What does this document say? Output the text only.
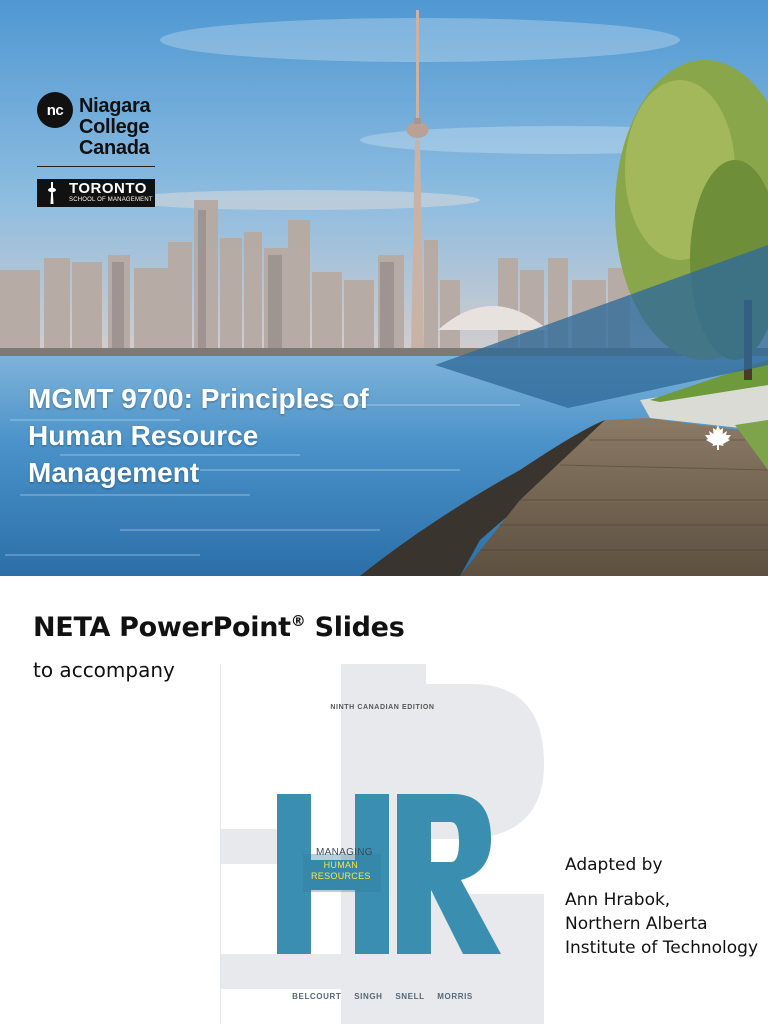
nc Niagara
College
Canada
TORONTO
SCHOOL OF MANAGEMENT
MGMT 9700: Principles of
Human Resource
Management
NETA PowerPoint® Slides
to accompany
NINTH CANADIAN EDITION
MANAGING
HUMAN
RESOURCES
BELCOURT SINGH SNELL MORRIS
Adapted by
Ann Hrabok,
Northern Alberta
Institute of Technology
